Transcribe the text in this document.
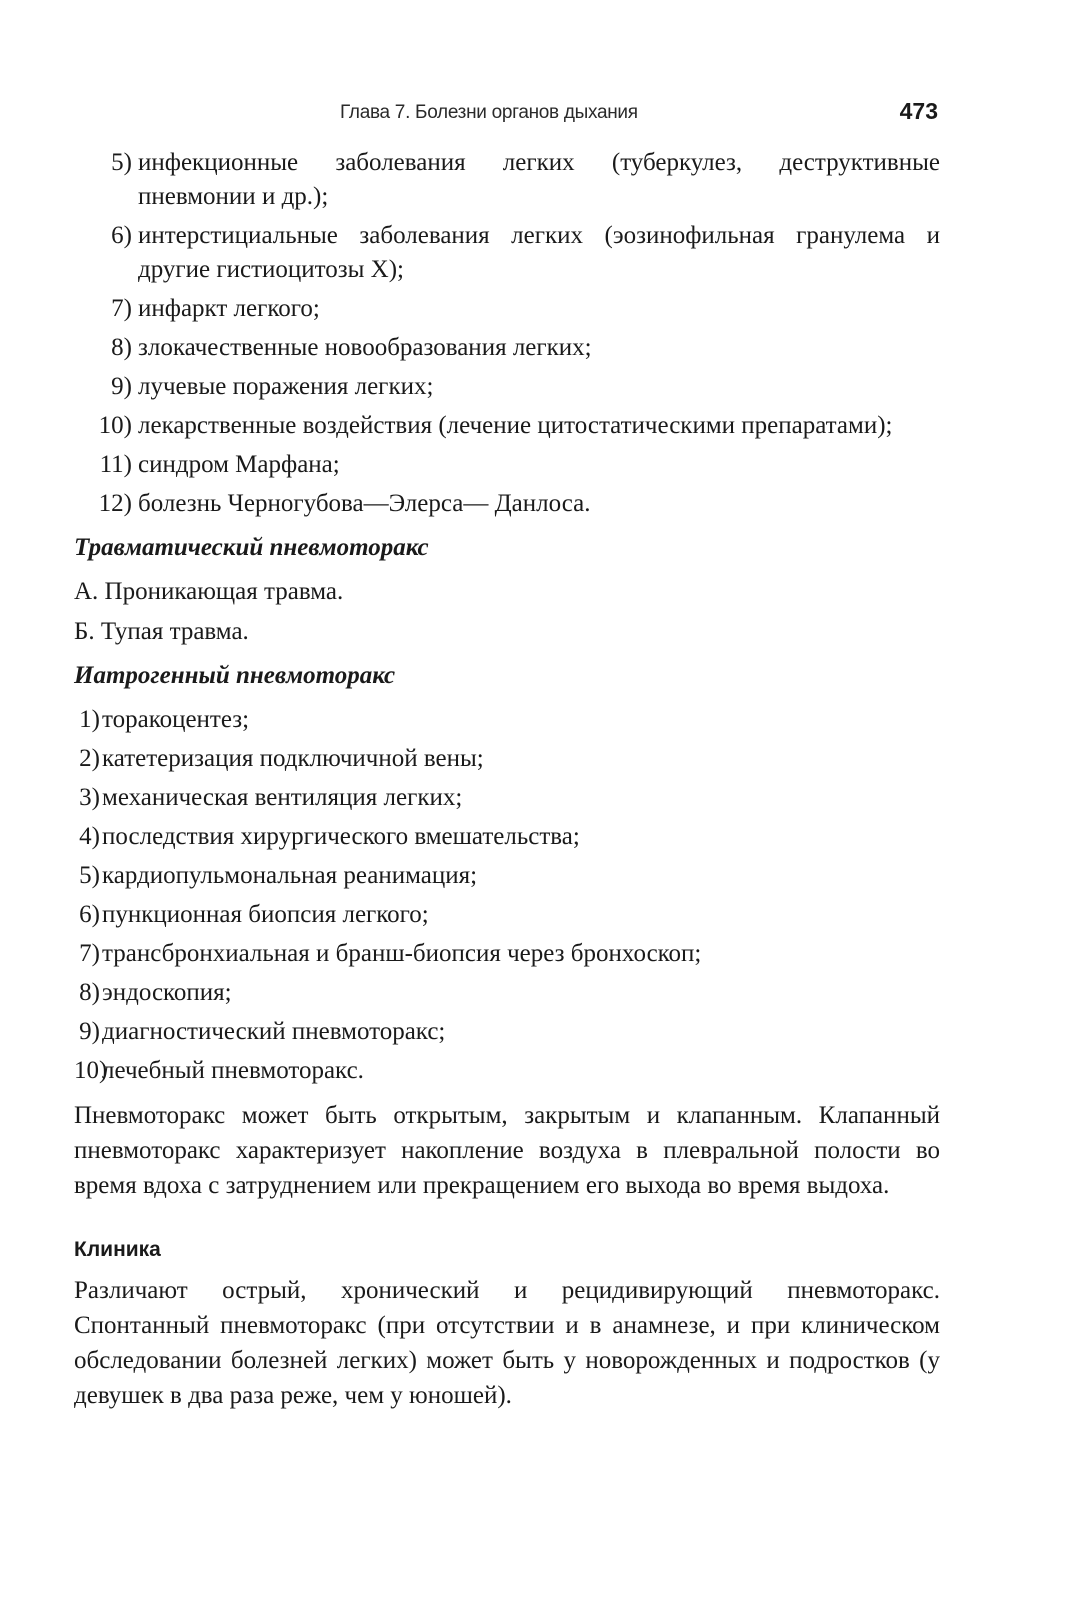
Глава 7. Болезни органов дыхания	473
5) инфекционные заболевания легких (туберкулез, деструктивные пневмонии и др.);
6) интерстициальные заболевания легких (эозинофильная гранулема и другие гистиоцитозы Х);
7) инфаркт легкого;
8) злокачественные новообразования легких;
9) лучевые поражения легких;
10) лекарственные воздействия (лечение цитостатическими препаратами);
11) синдром Марфана;
12) болезнь Черногубова—Элерса— Данлоса.
Травматический пневмоторакс
А. Проникающая травма.
Б. Тупая травма.
Иатрогенный пневмоторакс
1) торакоцентез;
2) катетеризация подключичной вены;
3) механическая вентиляция легких;
4) последствия хирургического вмешательства;
5) кардиопульмональная реанимация;
6) пункционная биопсия легкого;
7) трансбронхиальная и бранш-биопсия через бронхоскоп;
8) эндоскопия;
9) диагностический пневмоторакс;
10)
лечебный пневмоторакс.

Пневмоторакс может быть открытым, закрытым и клапанным. Клапанный пневмоторакс характеризует накопление воздуха в плевральной полости во время вдоха с затруднением или прекращением его выхода во время выдоха.

Клиника

Различают острый, хронический и рецидивирующий пневмоторакс. Спонтанный пневмоторакс (при отсутствии и в анамнезе, и при клиническом обследовании болезней легких) может быть у новорожденных и подростков (у девушек в два раза реже, чем у юношей).
